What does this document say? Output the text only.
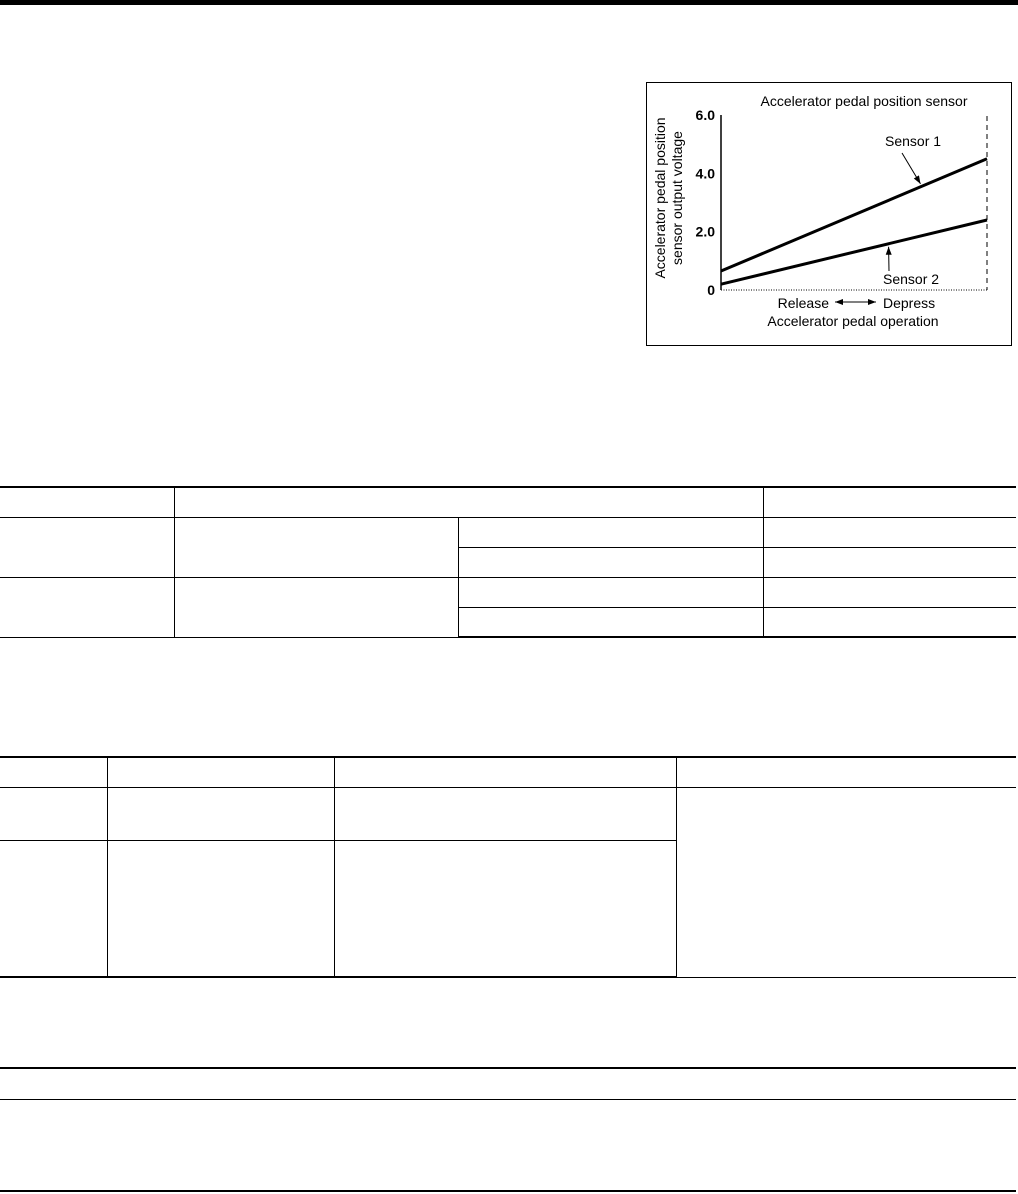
Accelerator pedal position sensor
Accelerator pedal position sensor output voltage
6.0
4.0
2.0
0
Sensor 1
Sensor 2
Release	Depress
Accelerator pedal operation
